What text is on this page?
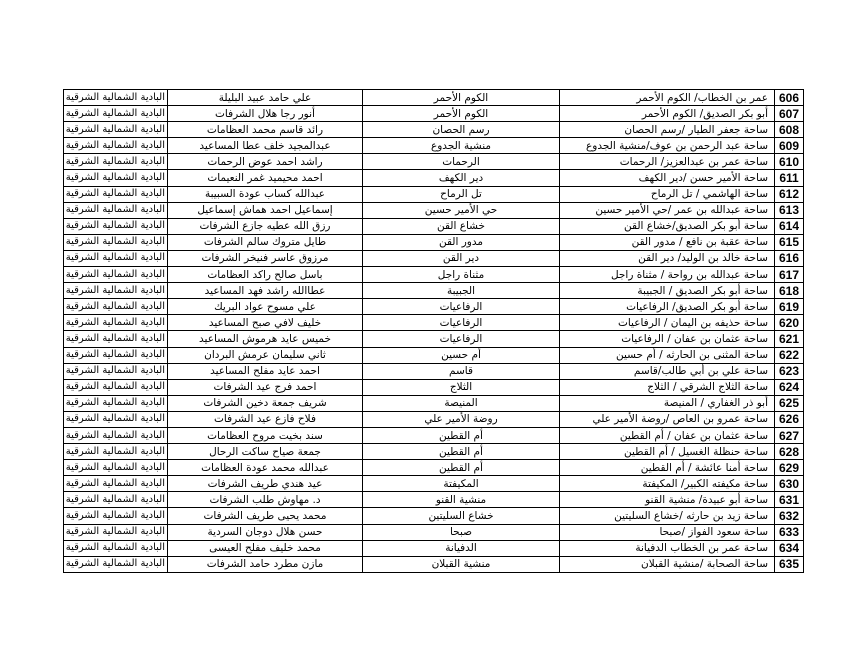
606	عمر بن الخطاب/ الكوم الأحمر	الكوم الأحمر	علي حامد عبيد البليلة	البادية الشمالية الشرقية
607	أبو بكر الصديق/ الكوم الأحمر	الكوم الأحمر	أنور رجا هلال الشرفات	البادية الشمالية الشرقية
608	ساحة جعفر الطيار /رسم الحصان	رسم الحصان	رائد قاسم محمد العظامات	البادية الشمالية الشرقية
609	ساحة عبد الرحمن بن عوف/منشية الجدوع	منشية الجدوع	عبدالمجيد خلف عطا المساعيد	البادية الشمالية الشرقية
610	ساحة عمر بن عبدالعزيز/ الرحمات	الرحمات	راشد احمد عوض الرحمات	البادية الشمالية الشرقية
611	ساحة الأمير حسن /دير الكهف	دير الكهف	احمد محيميد غمر النعيمات	البادية الشمالية الشرقية
612	ساحة الهاشمي / تل الرماح	تل الرماح	عبدالله كساب عودة السبيبة	البادية الشمالية الشرقية
613	ساحة عبدالله بن عمر /حي الأمير حسين	حي الأمير حسين	إسماعيل احمد هماش إسماعيل	البادية الشمالية الشرقية
614	ساحة أبو بكر الصديق/خشاع القن	خشاع القن	رزق الله عطيه جازع الشرفات	البادية الشمالية الشرقية
615	ساحة عقبة بن نافع / مدور القن	مدور القن	طايل متروك سالم الشرفات	البادية الشمالية الشرقية
616	ساحة خالد بن الوليد/ دير القن	دير القن	مرزوق عاسر فنيخر الشرفات	البادية الشمالية الشرقية
617	ساحة عبدالله بن رواحة / مثناة راجل	مثناة راجل	باسل صالح راكد العظامات	البادية الشمالية الشرقية
618	ساحة أبو بكر الصديق / الجبيبة	الجبيبة	عطاالله راشد فهد المساعيد	البادية الشمالية الشرقية
619	ساحة أبو بكر الصديق/ الرفاعيات	الرفاعيات	علي مسوح عواد البريك	البادية الشمالية الشرقية
620	ساحة حذيفه بن اليمان / الرفاعيات	الرفاعيات	خليف لافي صبح المساعيد	البادية الشمالية الشرقية
621	ساحة عثمان بن عفان / الرفاعيات	الرفاعيات	خميس عايد هرموش المساعيد	البادية الشمالية الشرقية
622	ساحة المثنى بن الحارثه / أم حسين	أم حسين	ثاني سليمان عرمش البردان	البادية الشمالية الشرقية
623	ساحة علي بن أبي طالب/قاسم	قاسم	احمد عايد مفلح المساعيد	البادية الشمالية الشرقية
624	ساحة الثلاج الشرقي / الثلاج	الثلاج	احمد فرج عيد الشرفات	البادية الشمالية الشرقية
625	أبو ذر الغفاري / المنيصة	المنيصة	شريف جمعة دخين الشرفات	البادية الشمالية الشرقية
626	ساحة عمرو بن العاص /روضة الأمير علي	روضة الأمير علي	فلاح فازع عيد الشرفات	البادية الشمالية الشرقية
627	ساحة عثمان بن عفان / أم القطين	أم القطين	سند بخيت مروح العظامات	البادية الشمالية الشرقية
628	ساحة حنظلة الغسيل / أم القطين	أم القطين	جمعة صياح ساكت الرحال	البادية الشمالية الشرقية
629	ساحة أمنا عائشة / أم القطين	أم القطين	عبدالله محمد عودة العظامات	البادية الشمالية الشرقية
630	ساحة مكيفته الكبير/ المكيفتة	المكيفتة	عيد هندي طريف الشرفات	البادية الشمالية الشرقية
631	ساحة أبو عبيدة/ منشية القنو	منشية القنو	د. مهاوش طلب الشرفات	البادية الشمالية الشرقية
632	ساحة زيد بن حارثه /خشاع السليتين	خشاع السليتين	محمد يحيى طريف الشرفات	البادية الشمالية الشرقية
633	ساحة سعود الفواز /صبحا	صبحا	حسن هلال دوجان السردية	البادية الشمالية الشرقية
634	ساحة عمر بن الخطاب الدفيانة	الدفيانة	محمد خليف مفلح العيسى	البادية الشمالية الشرقية
635	ساحة الصحابة /منشية القبلان	منشية القبلان	مازن مطرد حامد الشرفات	البادية الشمالية الشرقية
